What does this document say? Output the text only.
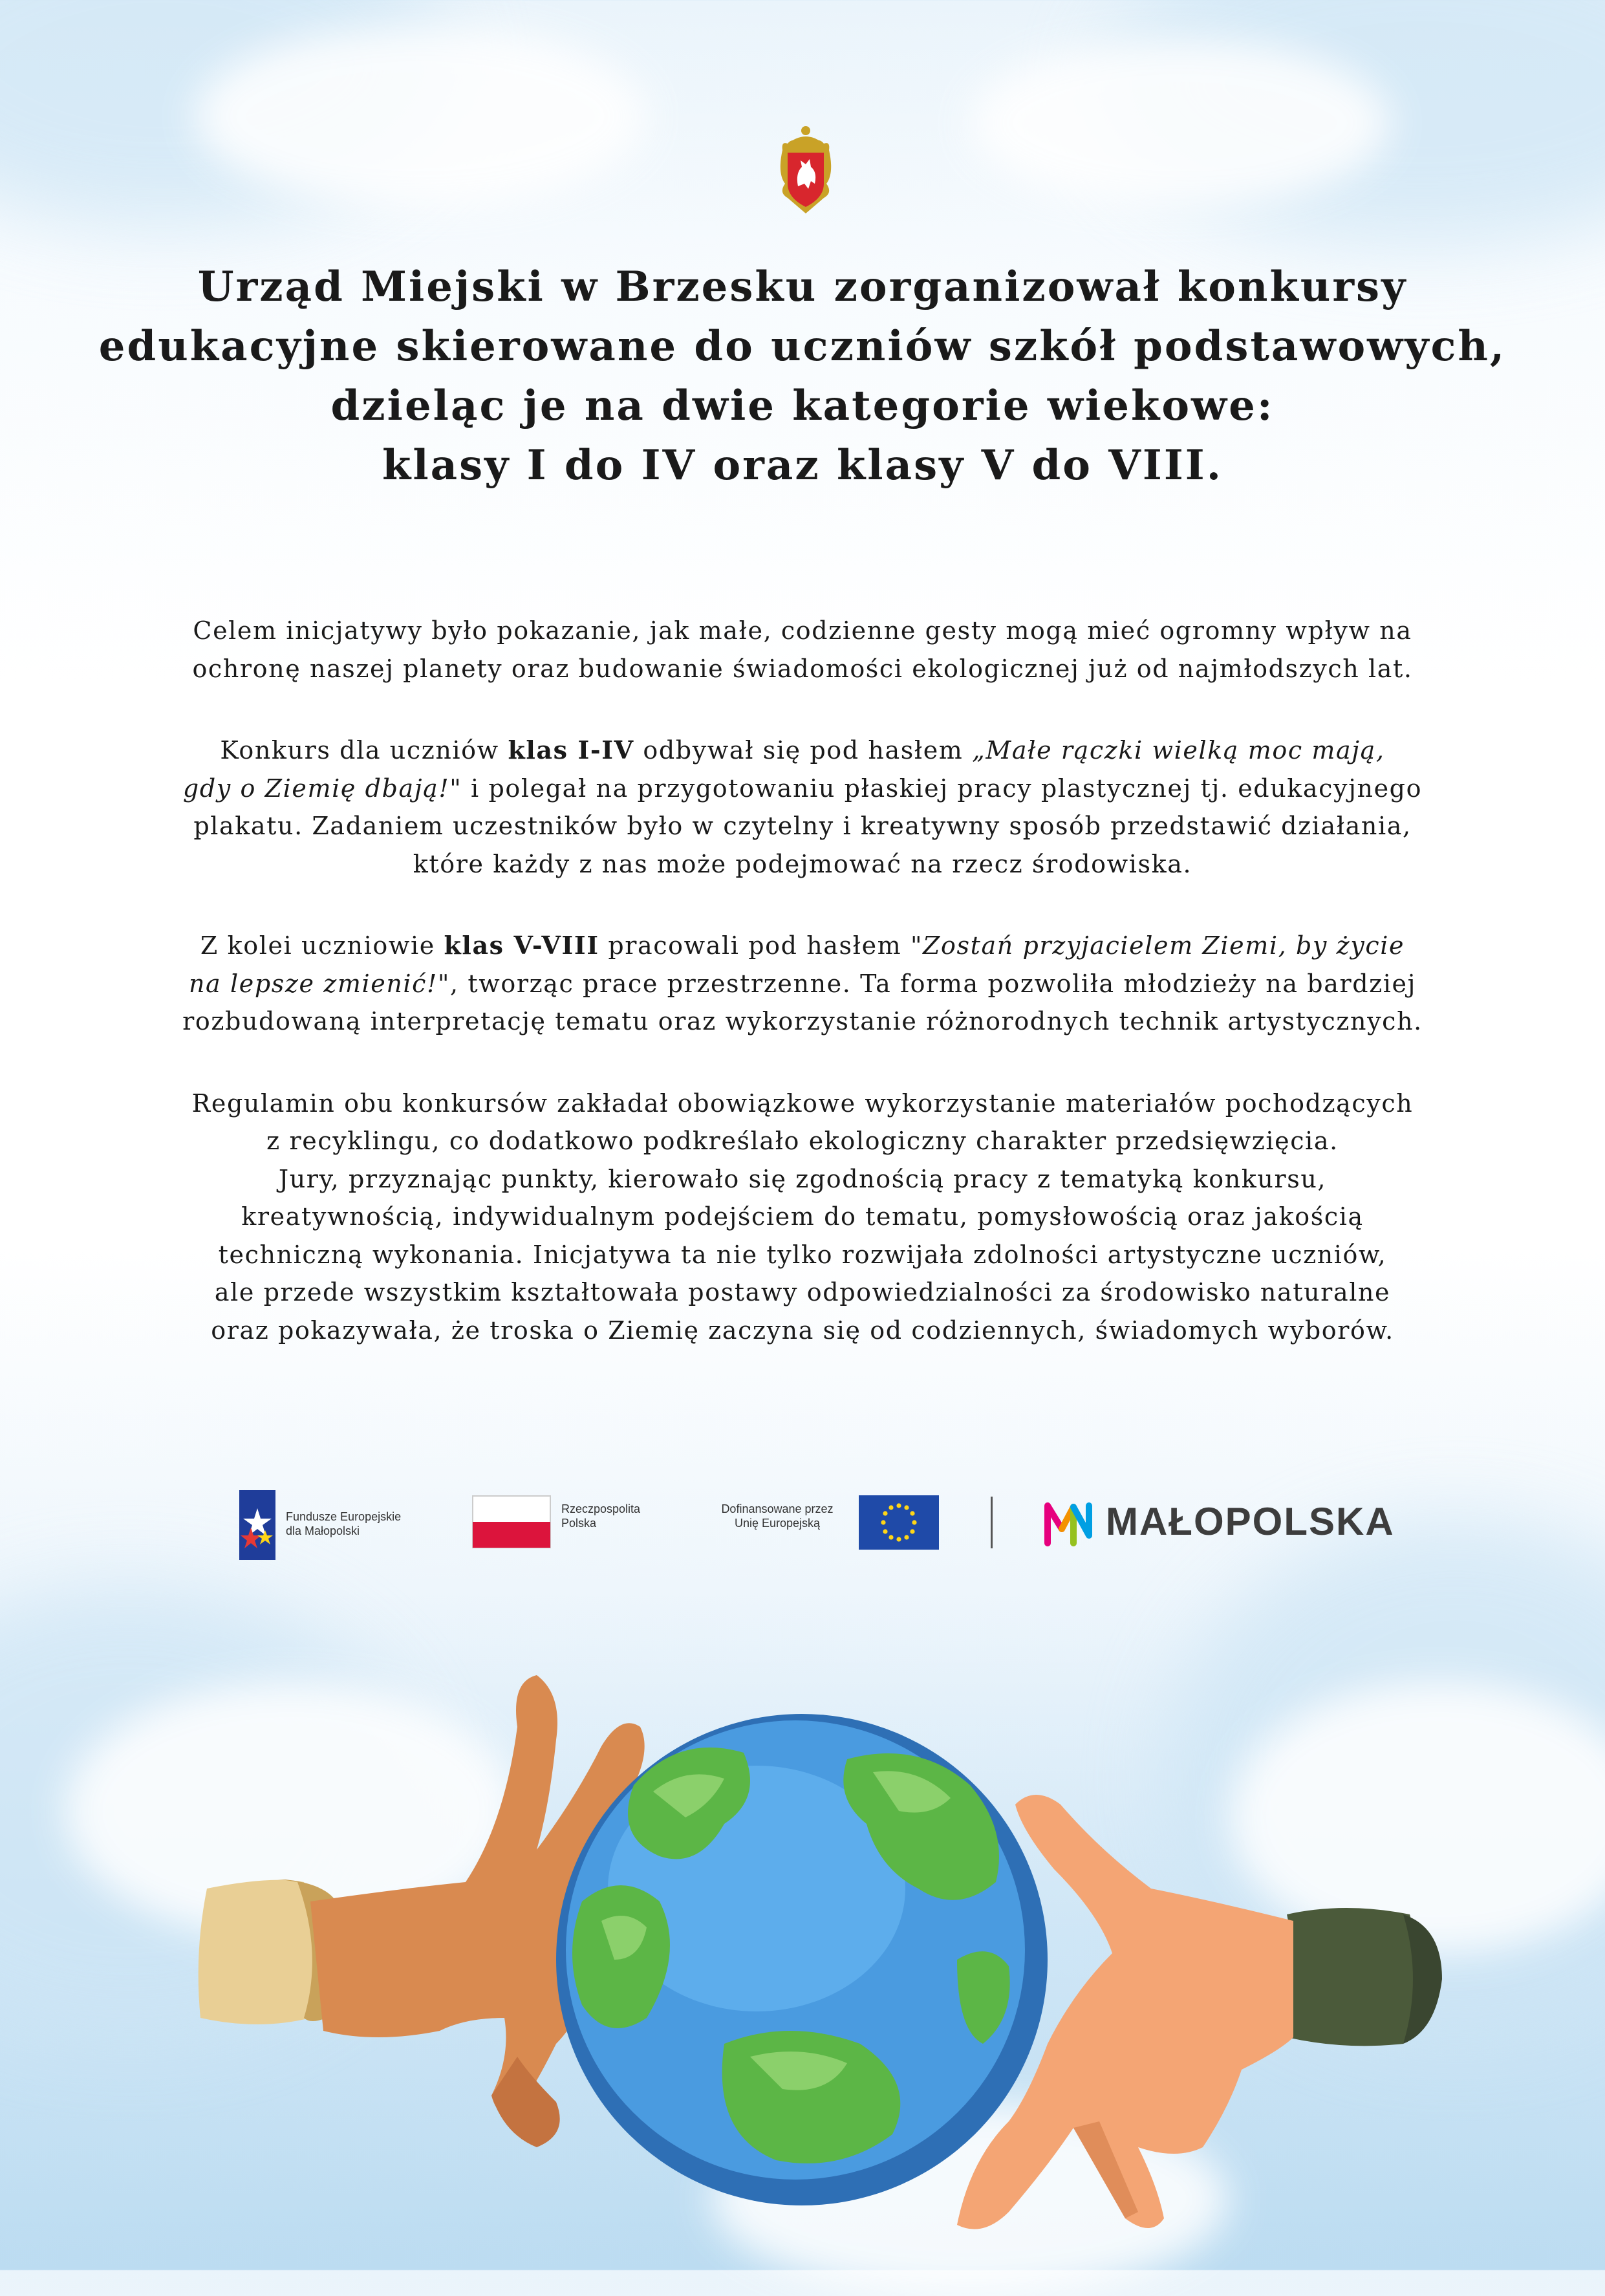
Urząd Miejski w Brzesku zorganizował konkursy
edukacyjne skierowane do uczniów szkół podstawowych,
dzieląc je na dwie kategorie wiekowe:
klasy I do IV oraz klasy V do VIII.
Celem inicjatywy było pokazanie, jak małe, codzienne gesty mogą mieć ogromny wpływ na
ochronę naszej planety oraz budowanie świadomości ekologicznej już od najmłodszych lat.
Konkurs dla uczniów klas I-IV odbywał się pod hasłem „Małe rączki wielką moc mają,
gdy o Ziemię dbają!" i polegał na przygotowaniu płaskiej pracy plastycznej tj. edukacyjnego
plakatu. Zadaniem uczestników było w czytelny i kreatywny sposób przedstawić działania,
które każdy z nas może podejmować na rzecz środowiska.
Z kolei uczniowie klas V-VIII pracowali pod hasłem "Zostań przyjacielem Ziemi, by życie
na lepsze zmienić!", tworząc prace przestrzenne. Ta forma pozwoliła młodzieży na bardziej
rozbudowaną interpretację tematu oraz wykorzystanie różnorodnych technik artystycznych.
Regulamin obu konkursów zakładał obowiązkowe wykorzystanie materiałów pochodzących
z recyklingu, co dodatkowo podkreślało ekologiczny charakter przedsięwzięcia.
Jury, przyznając punkty, kierowało się zgodnością pracy z tematyką konkursu,
kreatywnością, indywidualnym podejściem do tematu, pomysłowością oraz jakością
techniczną wykonania. Inicjatywa ta nie tylko rozwijała zdolności artystyczne uczniów,
ale przede wszystkim kształtowała postawy odpowiedzialności za środowisko naturalne
oraz pokazywała, że troska o Ziemię zaczyna się od codziennych, świadomych wyborów.
Fundusze Europejskie
dla Małopolski
Rzeczpospolita
Polska
Dofinansowane przez
Unię Europejską	MAŁOPOLSKA
